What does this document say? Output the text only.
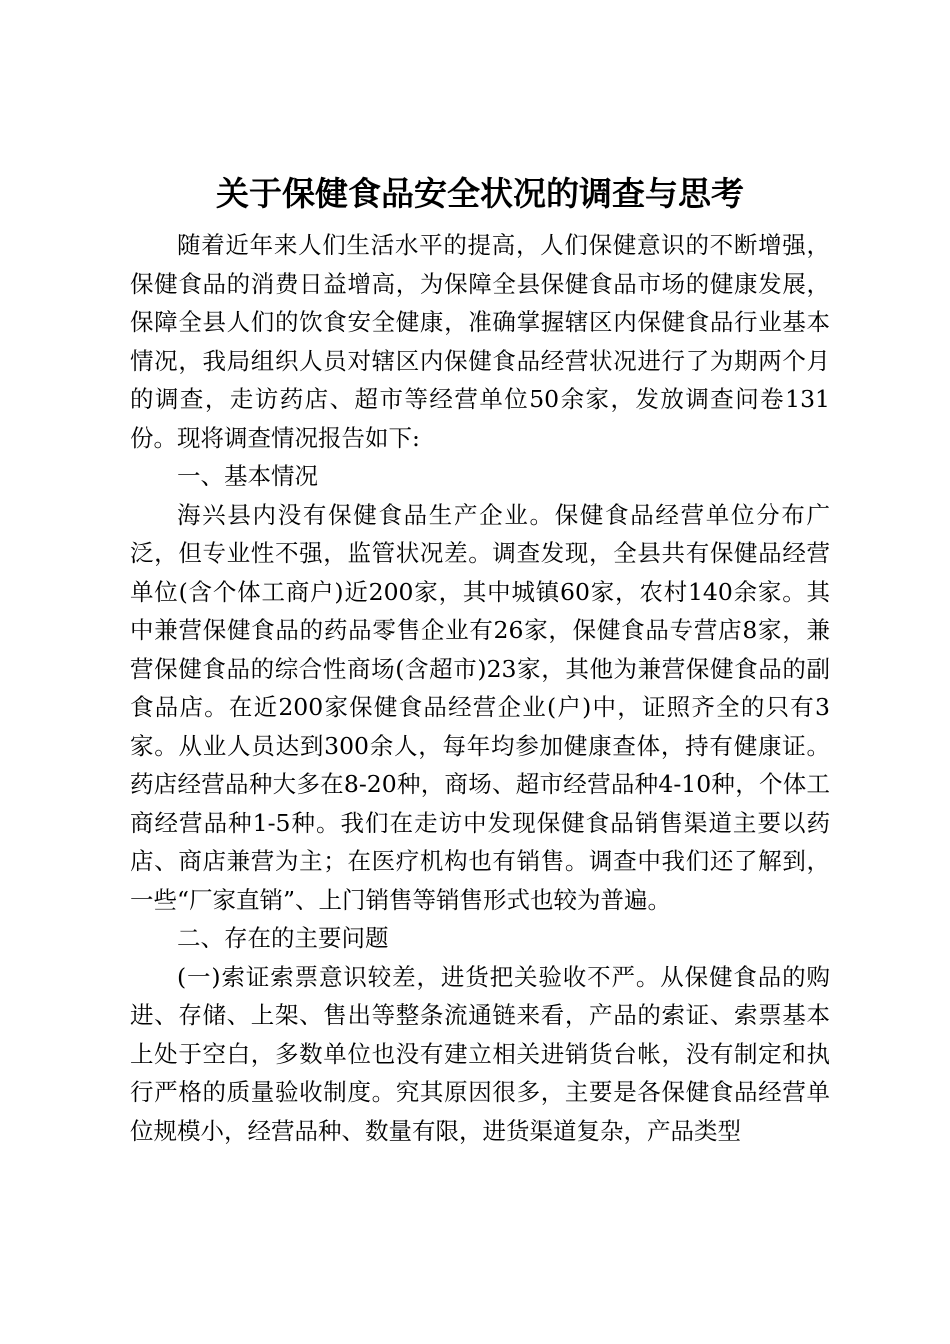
关于保健食品安全状况的调查与思考

随着近年来人们生活水平的提高，人们保健意识的不断增强，保健食品的消费日益增高，为保障全县保健食品市场的健康发展，保障全县人们的饮食安全健康，准确掌握辖区内保健食品行业基本情况，我局组织人员对辖区内保健食品经营状况进行了为期两个月的调查，走访药店、超市等经营单位50余家，发放调查问卷131份。现将调查情况报告如下:

一、基本情况

海兴县内没有保健食品生产企业。保健食品经营单位分布广泛，但专业性不强，监管状况差。调查发现，全县共有保健品经营单位(含个体工商户)近200家，其中城镇60家，农村140余家。其中兼营保健食品的药品零售企业有26家，保健食品专营店8家，兼营保健食品的综合性商场(含超市)23家，其他为兼营保健食品的副食品店。在近200家保健食品经营企业(户)中，证照齐全的只有3家。从业人员达到300余人，每年均参加健康查体，持有健康证。药店经营品种大多在8-20种，商场、超市经营品种4-10种，个体工商经营品种1-5种。我们在走访中发现保健食品销售渠道主要以药店、商店兼营为主；在医疗机构也有销售。调查中我们还了解到，一些“厂家直销”、上门销售等销售形式也较为普遍。

二、存在的主要问题

(一)索证索票意识较差，进货把关验收不严。从保健食品的购进、存储、上架、售出等整条流通链来看，产品的索证、索票基本上处于空白，多数单位也没有建立相关进销货台帐，没有制定和执行严格的质量验收制度。究其原因很多，主要是各保健食品经营单位规模小，经营品种、数量有限，进货渠道复杂，产品类型
